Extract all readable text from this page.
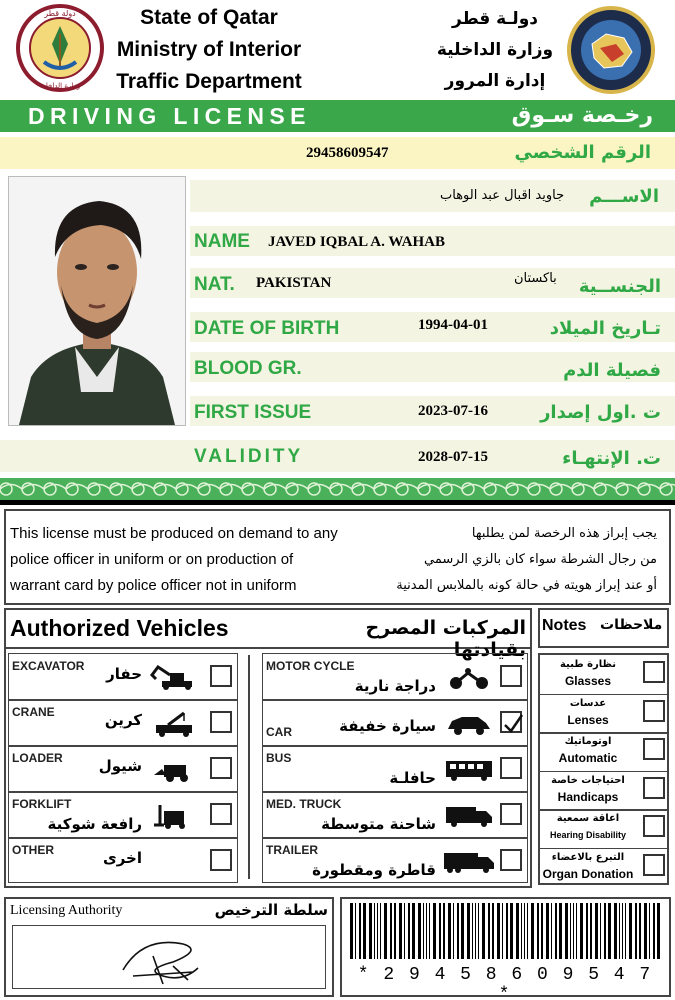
دولة قطر
وزارة الداخلية
State of Qatar
Ministry of Interior
Traffic Department
دولـة قطر
وزارة الداخلية
إدارة المرور
DRIVING LICENSE	رخـصة سـوق
29458609547	الرقم الشخصي
جاويد اقبال عبد الوهاب الاســـم
NAME JAVED IQBAL A. WAHAB
NAT. PAKISTAN	باكستان الجنســية
DATE OF BIRTH	1994-04-01	تـاريخ الميلاد
BLOOD GR.	فصيلة الدم
FIRST ISSUE	2023-07-16	ت .اول إصدار
VALIDITY	2028-07-15	ت. الإنتهـاء
This license must be produced on demand to any
police officer in uniform or on production of
warrant card by police officer not in uniform
يجب إبراز هذه الرخصة لمن يطلبها
من رجال الشرطة سواء كان بالزي الرسمي
أو عند إبراز هويته في حالة كونه بالملابس المدنية
Authorized Vehicles	المركبات المصرح بقيادتها
EXCAVATOR حفار
CRANE	كرين
LOADER شيول
FORKLIFT
رافعة شوكية
OTHER	اخرى
MOTOR CYCLE
دراجة نارية
CAR	سيارة خفيفة
BUS
حافلـة
MED. TRUCK
شاحنة متوسطة
TRAILER
قاطرة ومقطورة
Notes ملاحظات
نظارة طبية
Glasses
عدسات
Lenses
اوتوماتيك
Automatic
احتياجات خاصة
Handicaps
اعاقة سمعية
Hearing Disability
التبرع بالاعضاء
Organ Donation
Licensing Authority	سلطة الترخيص
* 2 9 4 5 8 6 0 9 5 4 7 *
